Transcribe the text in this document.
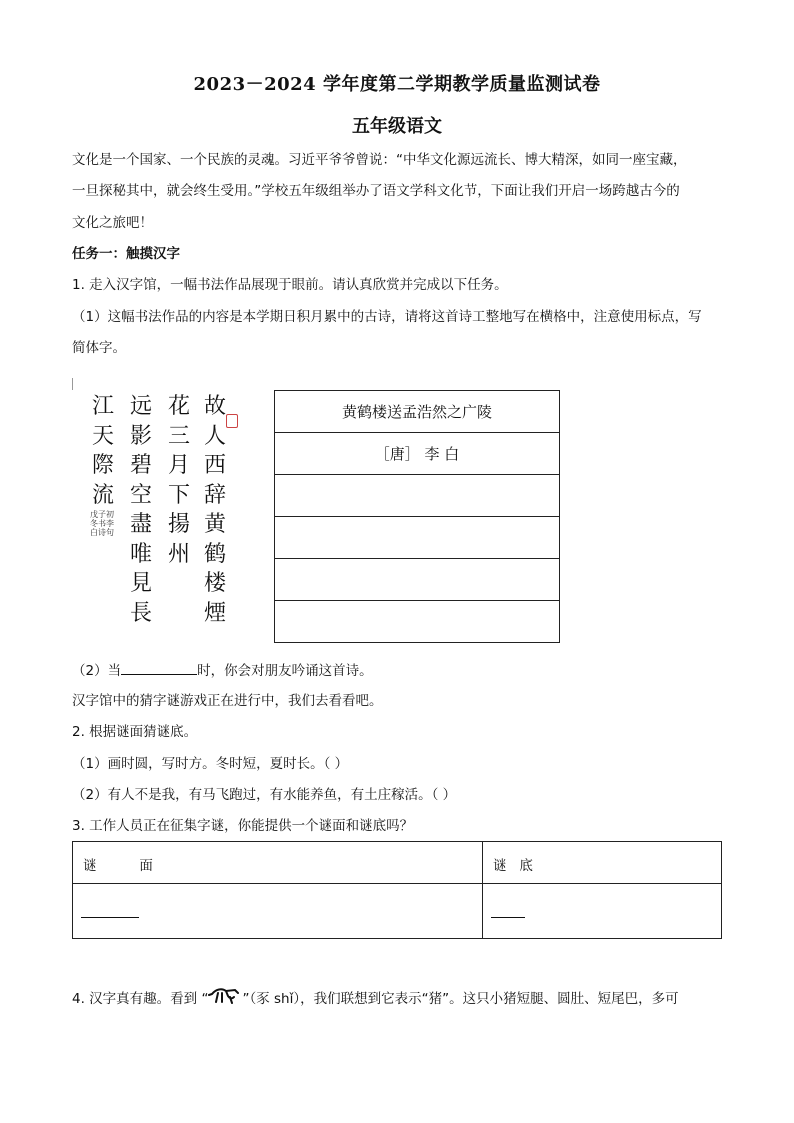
2023－2024 学年度第二学期教学质量监测试卷
五年级语文
文化是一个国家、一个民族的灵魂。习近平爷爷曾说：“中华文化源远流长、博大精深，如同一座宝藏，
一旦探秘其中，就会终生受用。”学校五年级组举办了语文学科文化节，下面让我们开启一场跨越古今的
文化之旅吧！
任务一：触摸汉字
1. 走入汉字馆，一幅书法作品展现于眼前。请认真欣赏并完成以下任务。
（1）这幅书法作品的内容是本学期日积月累中的古诗，请将这首诗工整地写在横格中，注意使用标点，写
简体字。
江天際流
戊子初冬书李白诗句
远影碧空盡唯見長
花三月下揚州
故人西辞黄鹤楼煙
黄鹤楼送孟浩然之广陵
［唐］ 李 白
（2）当	时，你会对朋友吟诵这首诗。
汉字馆中的猜字谜游戏正在进行中，我们去看看吧。
2. 根据谜面猜谜底。
（1）画时圆，写时方。冬时短，夏时长。（ ）
（2）有人不是我，有马飞跑过，有水能养鱼，有土庄稼活。（ ）
3. 工作人员正在征集字谜，你能提供一个谜面和谜底吗？
谜          面	谜   底
4. 汉字真有趣。看到 “	”（豕 shǐ），我们联想到它表示“猪”。这只小猪短腿、圆肚、短尾巴，多可
